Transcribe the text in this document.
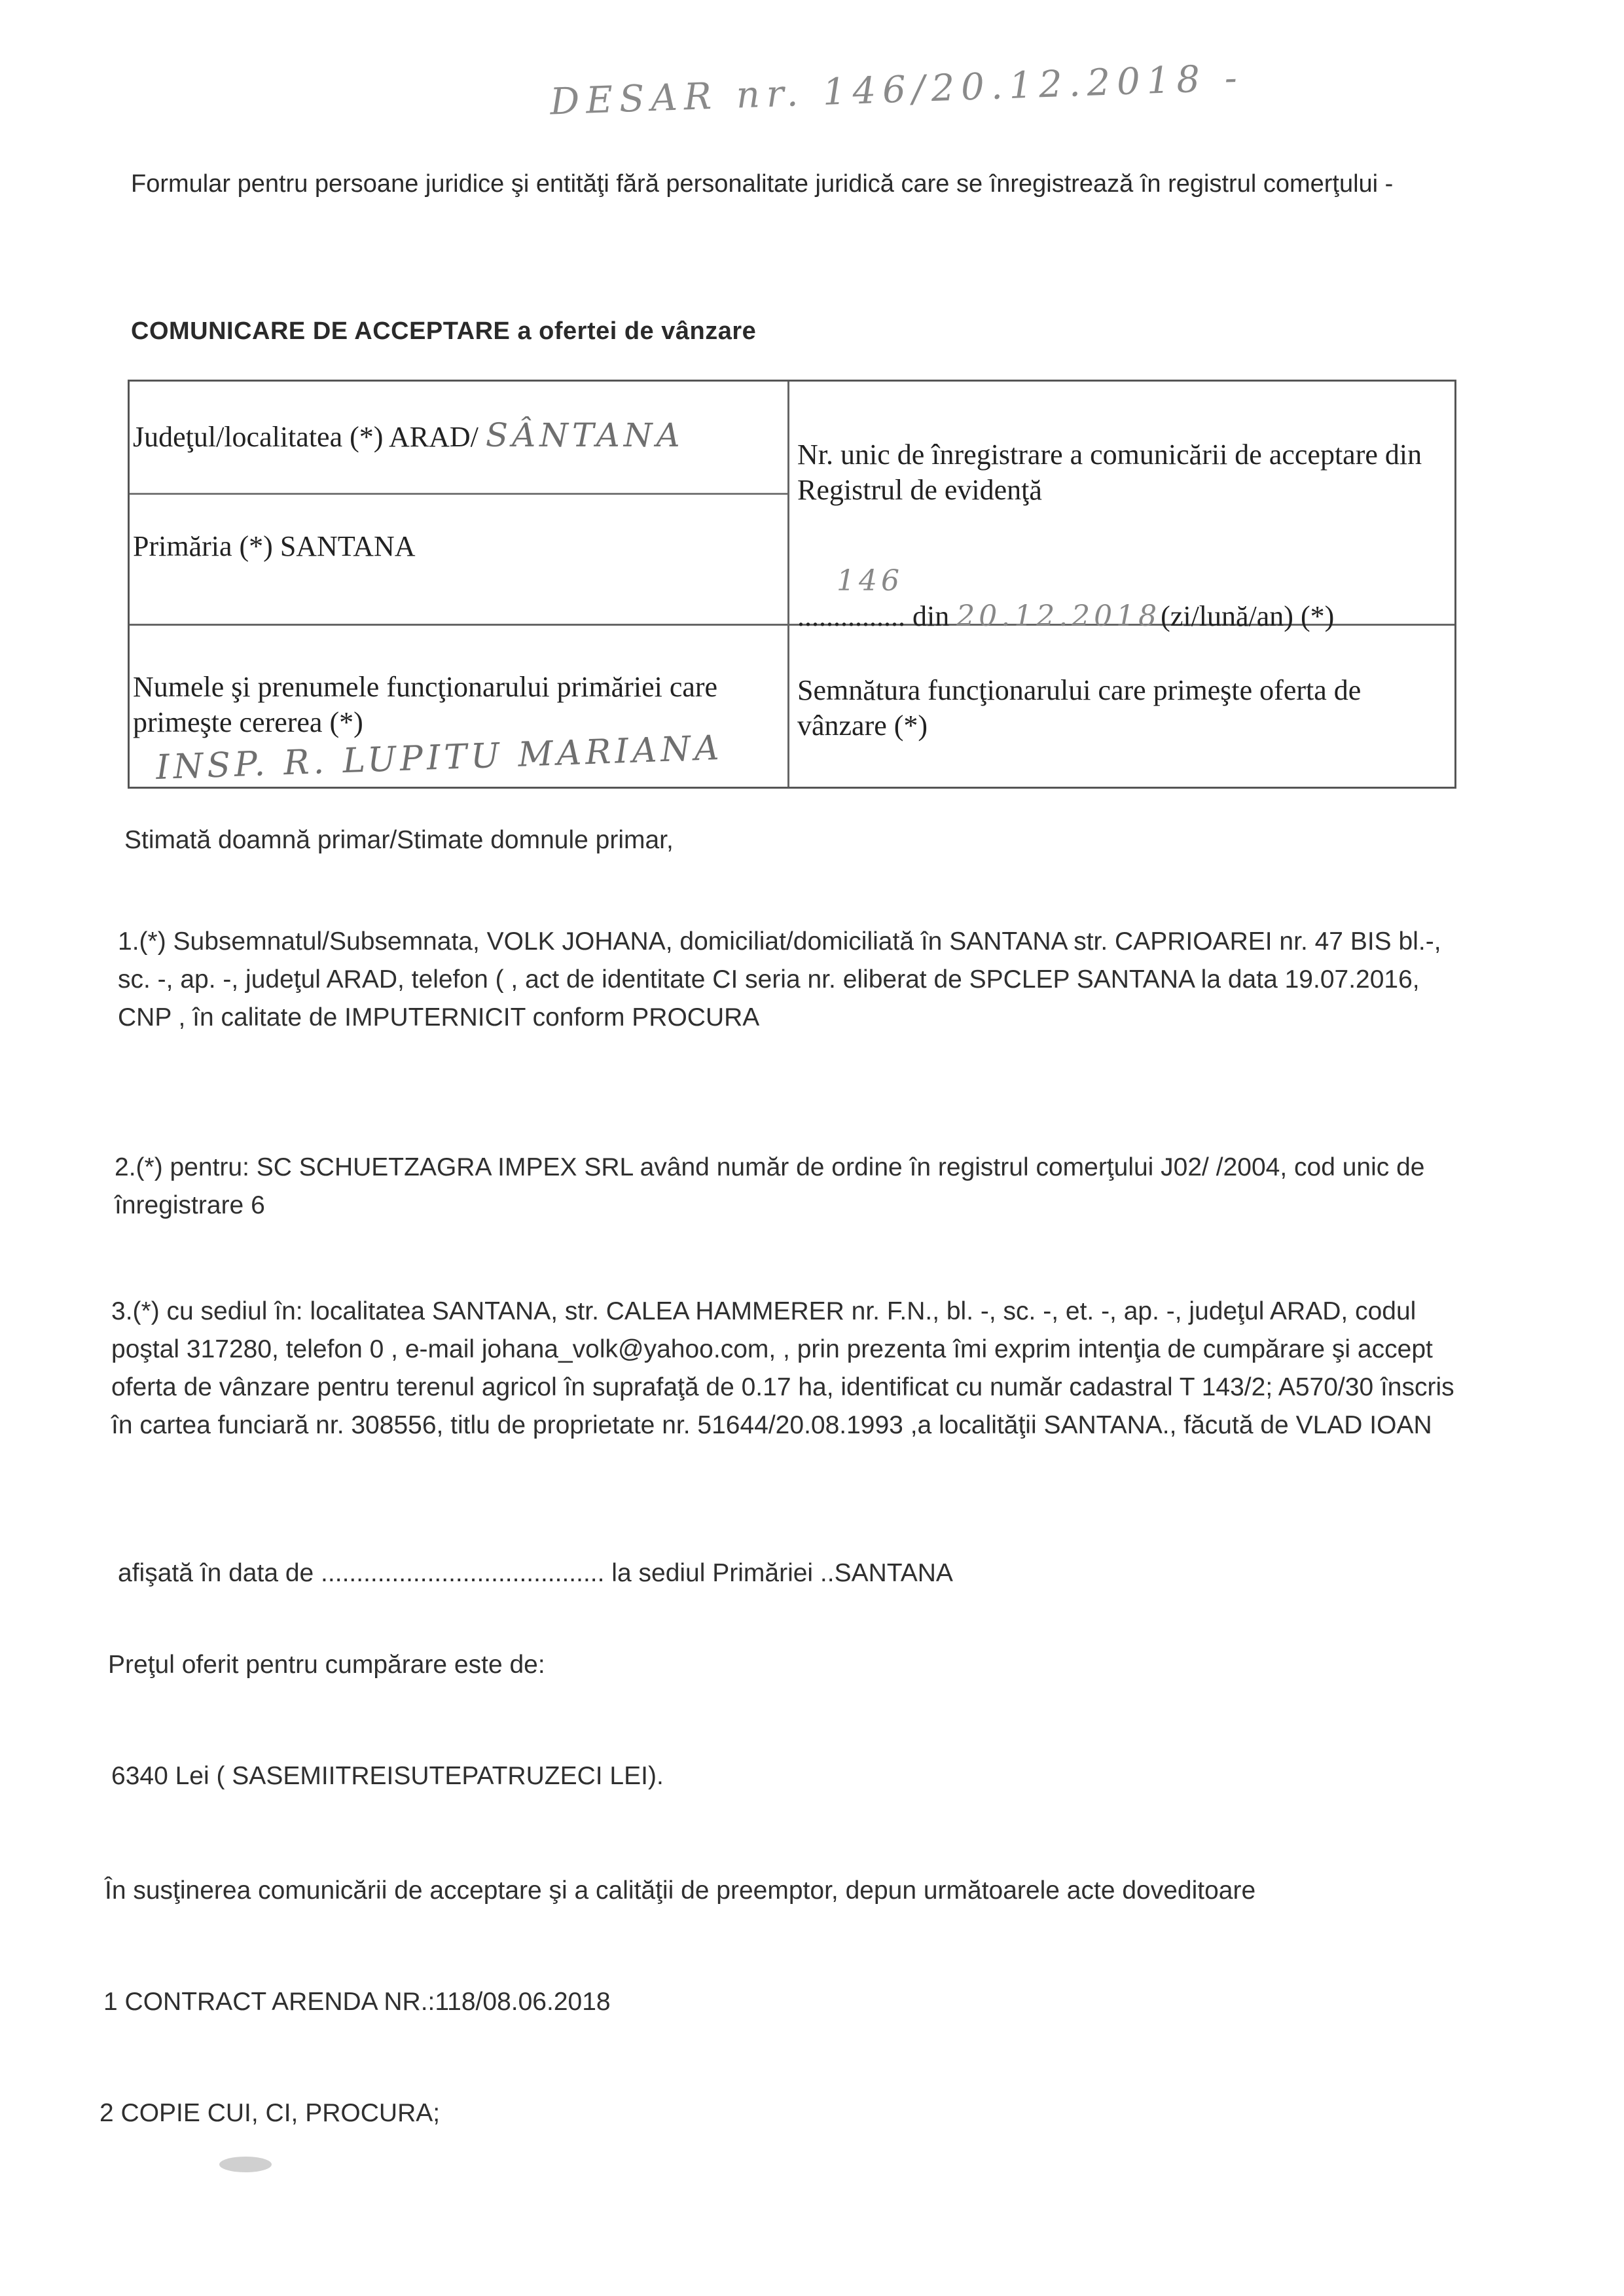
DESAR nr. 146/20.12.2018 -
Formular pentru persoane juridice şi entităţi fără personalitate juridică care se înregistrează în registrul comerţului -
COMUNICARE DE ACCEPTARE a ofertei de vânzare
Judeţul/localitatea (*) ARAD/ SÂNTANA
Primăria (*) SANTANA
Nr. unic de înregistrare a comunicării de acceptare din Registrul de evidenţă
146
............... din 20.12.2018(zi/lună/an) (*)
Numele şi prenumele funcţionarului primăriei care primeşte cererea (*)
INSP. R. LUPITU MARIANA
Semnătura funcţionarului care primeşte oferta de vânzare (*)
Stimată doamnă primar/Stimate domnule primar,
1.(*) Subsemnatul/Subsemnata, VOLK JOHANA, domiciliat/domiciliată în SANTANA str. CAPRIOAREI nr. 47 BIS bl.-, sc. -, ap. -, judeţul ARAD, telefon ( , act de identitate CI seria nr. eliberat de SPCLEP SANTANA la data 19.07.2016, CNP , în calitate de IMPUTERNICIT conform PROCURA
2.(*) pentru: SC SCHUETZAGRA IMPEX SRL având număr de ordine în registrul comerţului J02/ /2004, cod unic de înregistrare 6
3.(*) cu sediul în: localitatea SANTANA, str. CALEA HAMMERER nr. F.N., bl. -, sc. -, et. -, ap. -, judeţul ARAD, codul poştal 317280, telefon 0 , e-mail johana_volk@yahoo.com, , prin prezenta îmi exprim intenţia de cumpărare şi accept oferta de vânzare pentru terenul agricol în suprafaţă de 0.17 ha, identificat cu număr cadastral T 143/2; A570/30 înscris în cartea funciară nr. 308556, titlu de proprietate nr. 51644/20.08.1993 ,a localităţii SANTANA., făcută de VLAD IOAN
afişată în data de ........................................ la sediul Primăriei ..SANTANA
Preţul oferit pentru cumpărare este de:
6340 Lei ( SASEMIITREISUTEPATRUZECI LEI).
În susţinerea comunicării de acceptare şi a calităţii de preemptor, depun următoarele acte doveditoare
1 CONTRACT ARENDA NR.:118/08.06.2018
2 COPIE CUI, CI, PROCURA;
